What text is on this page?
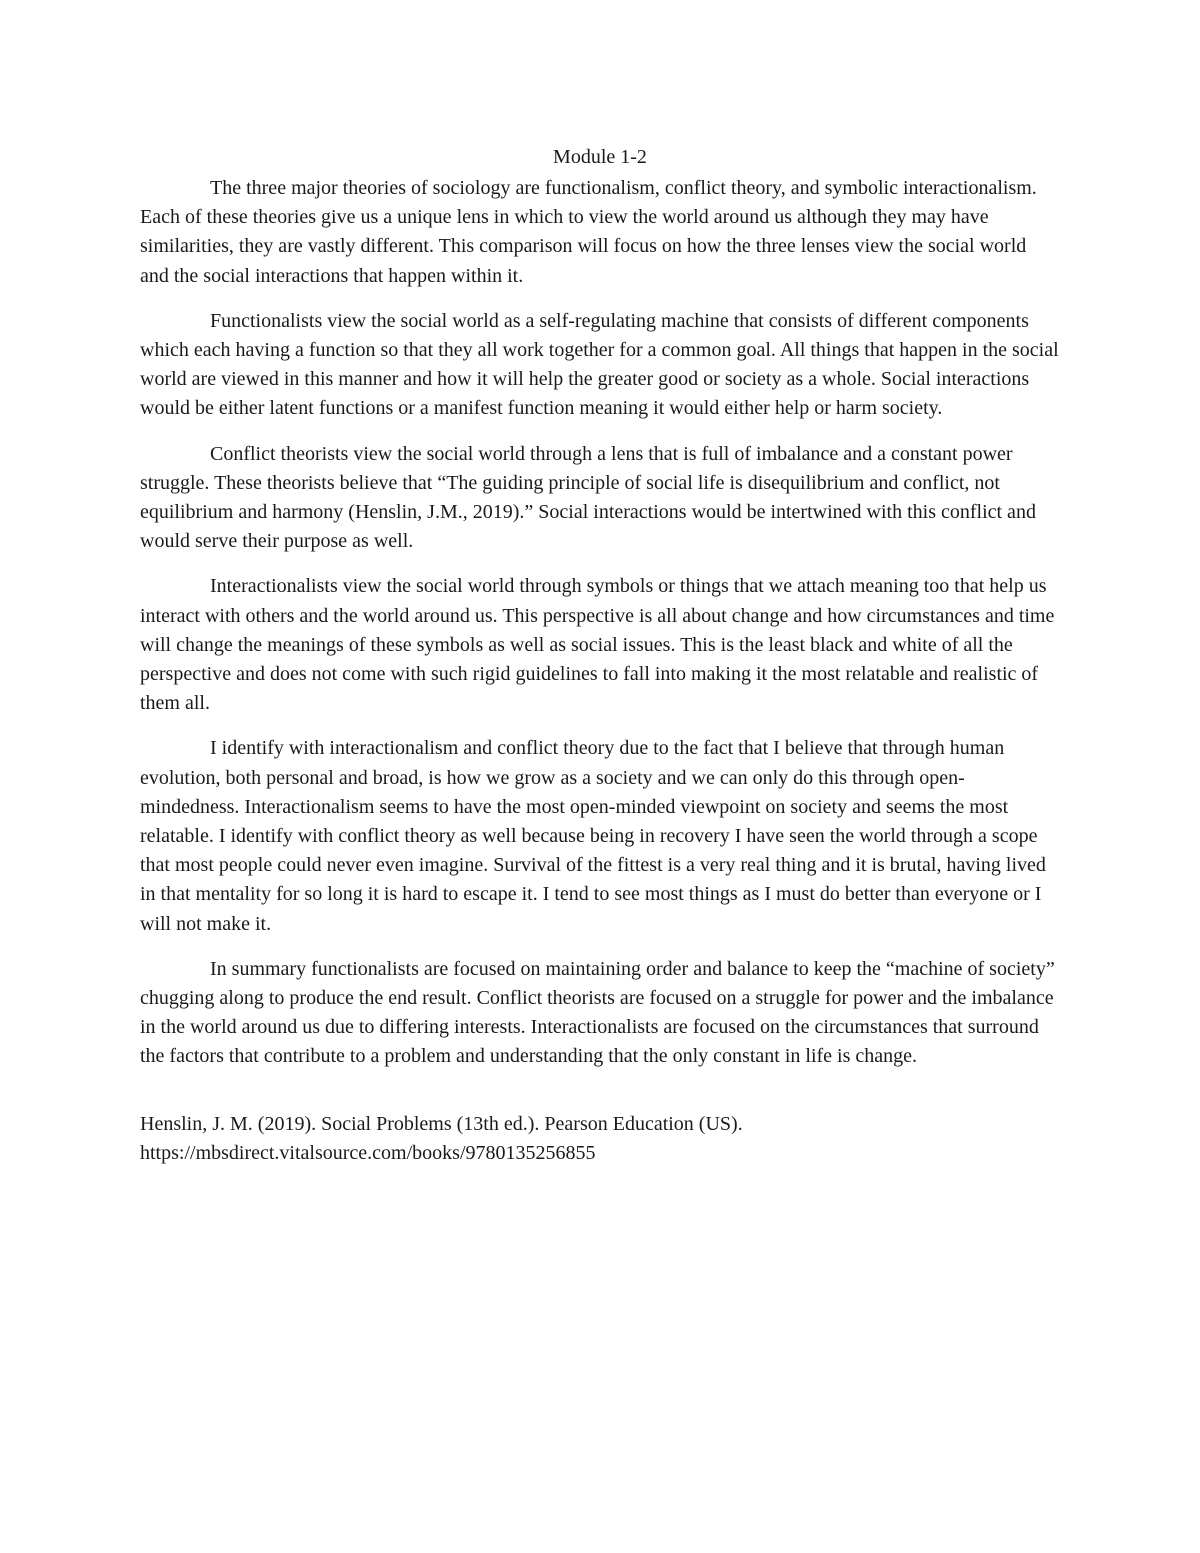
Module 1-2

The three major theories of sociology are functionalism, conflict theory, and symbolic interactionalism. Each of these theories give us a unique lens in which to view the world around us although they may have similarities, they are vastly different. This comparison will focus on how the three lenses view the social world and the social interactions that happen within it.

Functionalists view the social world as a self-regulating machine that consists of different components which each having a function so that they all work together for a common goal. All things that happen in the social world are viewed in this manner and how it will help the greater good or society as a whole. Social interactions would be either latent functions or a manifest function meaning it would either help or harm society.

Conflict theorists view the social world through a lens that is full of imbalance and a constant power struggle. These theorists believe that “The guiding principle of social life is disequilibrium and conflict, not equilibrium and harmony (Henslin, J.M., 2019).” Social interactions would be intertwined with this conflict and would serve their purpose as well.

Interactionalists view the social world through symbols or things that we attach meaning too that help us interact with others and the world around us. This perspective is all about change and how circumstances and time will change the meanings of these symbols as well as social issues. This is the least black and white of all the perspective and does not come with such rigid guidelines to fall into making it the most relatable and realistic of them all.

I identify with interactionalism and conflict theory due to the fact that I believe that through human evolution, both personal and broad, is how we grow as a society and we can only do this through open-mindedness. Interactionalism seems to have the most open-minded viewpoint on society and seems the most relatable. I identify with conflict theory as well because being in recovery I have seen the world through a scope that most people could never even imagine. Survival of the fittest is a very real thing and it is brutal, having lived in that mentality for so long it is hard to escape it. I tend to see most things as I must do better than everyone or I will not make it.

In summary functionalists are focused on maintaining order and balance to keep the “machine of society” chugging along to produce the end result. Conflict theorists are focused on a struggle for power and the imbalance in the world around us due to differing interests. Interactionalists are focused on the circumstances that surround the factors that contribute to a problem and understanding that the only constant in life is change.

Henslin, J. M. (2019). Social Problems (13th ed.). Pearson Education (US).

https://mbsdirect.vitalsource.com/books/9780135256855
